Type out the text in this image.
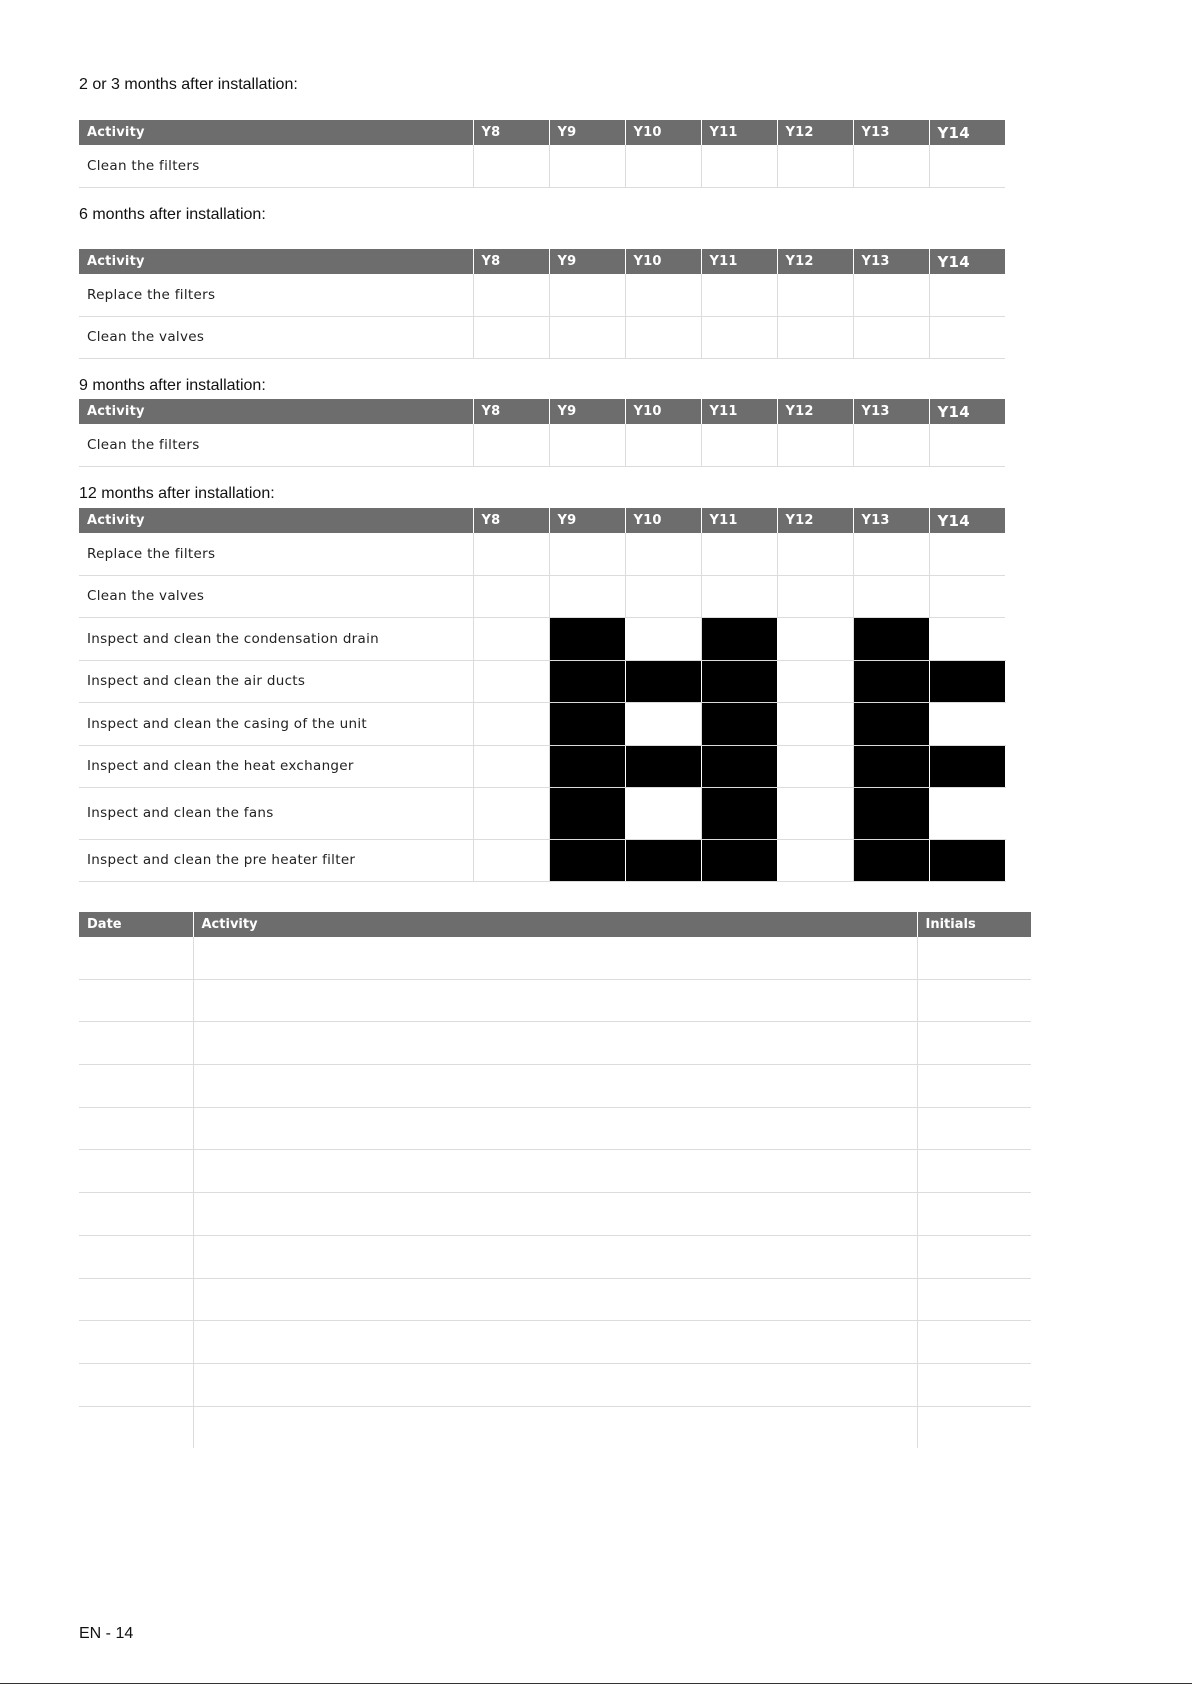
2 or 3 months after installation:
Activity	Y8	Y9	Y10	Y11	Y12	Y13	Y14
Clean the filters							
6 months after installation:
Activity	Y8	Y9	Y10	Y11	Y12	Y13	Y14
Replace the filters							
Clean the valves							
9 months after installation:
Activity	Y8	Y9	Y10	Y11	Y12	Y13	Y14
Clean the filters							
12 months after installation:
Activity	Y8	Y9	Y10	Y11	Y12	Y13	Y14
Replace the filters							
Clean the valves							
Inspect and clean the condensation drain							
Inspect and clean the air ducts							
Inspect and clean the casing of the unit							
Inspect and clean the heat exchanger							
Inspect and clean the fans							
Inspect and clean the pre heater filter							
Date	Activity	Initials

EN - 14
